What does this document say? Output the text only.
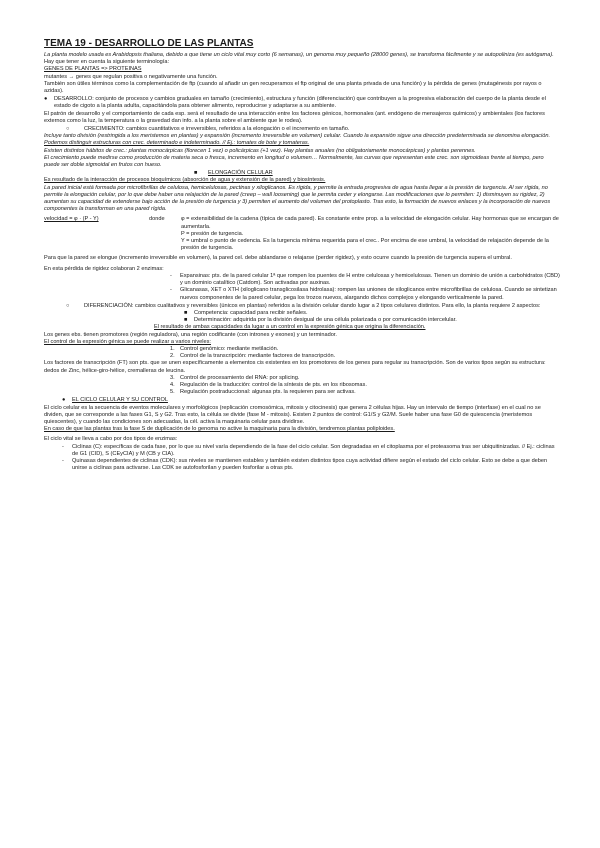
TEMA 19 - DESARROLLO DE LAS PLANTAS

La planta modelo usada es Arabidopsis thaliana, debido a que tiene un ciclo vital muy corto (6 semanas), un genoma muy pequeño (28000 genes), se transforma fácilmente y se autopoliniza (es autógama).

Hay que tener en cuenta la siguiente terminología:

GENES DE PLANTAS => PROTEINAS

mutantes → genes que regulan positiva o negativamente una función.

También son útiles términos como la complementación de ftp (cuando al añadir un gen recuperamos el ftp original de una planta privada de una función) y la pérdida de genes (mutagénesis por rayos o azidas).

●	DESARROLLO: conjunto de procesos y cambios graduales en tamaño (crecimiento), estructura y función (diferenciación) que contribuyen a la progresiva elaboración del cuerpo de la planta desde el estado de cigoto a la planta adulta, capacitándola para obtener alimento, reproducirse y adaptarse a su ambiente.

El patrón de desarrollo y el comportamiento de cada esp. será el resultado de una interacción entre los factores génicos, hormonales (ant. endógeno de mensajeros químicos) y ambientales (los factores externos como la luz, la temperatura o la gravedad dan info. a la planta sobre el ambiente que le rodea).

○	CRECIMIENTO: cambios cuantitativos e irreversibles, referidos a la elongación o el incremento en tamaño.

Incluye tanto división (restringida a los meristemos en plantas) y expansión (incremento irreversible en volumen) celular. Cuando la expansión sigue una dirección predeterminada se denomina elongación.

Podemos distinguir estructuras con crec. determinado e indeterminado. // Ej.: tomates de bote y tomateras.

Existen distintos hábitos de crec.: plantas monocárpicas (florecen 1 vez) o policárpicas (+1 vez). Hay plantas anuales (no obligatoriamente monocárpicas) y plantas perennes.

El crecimiento puede medirse como producción de materia seca o fresca, incremento en longitud o volumen… Normalmente, las curvas que representan este crec. son sigmoideas frente al tiempo, pero puede ser doble sigmoidal en frutos con hueso.

■	ELONGACIÓN CELULAR

Es resultado de la interacción de procesos bioquímicos (absorción de agua y extensión de la pared) y biosíntesis.

La pared inicial está formada por microfibrillas de celulosa, hemicelulosas, pectinas y xiloglicanos. Es rígida, y permite la entrada progresiva de agua hasta llegar a la presión de turgencia. Al ser rígida, no permite la elongación celular, por lo que debe haber una relajación de la pared (creep – wall loosening) que le permita ceder y elongarse. Las modificaciones que lo permiten: 1) disminuyen su rigidez, 2) aumentan su capacidad de extenderse bajo acción de la presión de turgencia y 3) permiten el aumento del volumen del protoplasto. Tras esto, la formación de nuevos enlaces y la incorporación de nuevos componentes la transforman en una pared rígida.

velocidad = φ · (P - Y)	donde	φ = extensibilidad de la cadena (típica de cada pared). Es constante entre prop. a la velocidad de elongación celular. Hay hormonas que se encargan de aumentarla.

P = presión de turgencia.

Y = umbral o punto de cedencia. Es la turgencia mínima requerida para el crec.. Por encima de ese umbral, la velocidad de relajación depende de la presión de turgencia.

Para que la pared se elongue (incremento irreversible en volumen), la pared cel. debe ablandarse o relajarse (perder rigidez), y esto ocurre cuando la presión de turgencia supera el umbral.

En esta pérdida de rigidez colaboran 2 enzimas:

-	Expansinas: pts. de la pared celular 1ª que rompen los puentes de H entre celulosas y hemicelulosas. Tienen un dominio de unión a carbohidratos (CBD) y un dominio catalítico (Catdom). Son activadas por auxinas.
-	Glicanasas, XET o XTH (xiloglicano transglicosilasa hidrolasa): rompen las uniones de xiloglicanos entre microfibrillas de celulosa. Cuando se sintetizan nuevos componentes de la pared celular, pega los trozos nuevos, alargando dichos complejos y elongando verticalmente la pared.
○	DIFERENCIACIÓN: cambios cualitativos y reversibles (únicos en plantas) referidos a la división celular dando lugar a 2 tipos celulares distintos. Para ello, la planta requiere 2 aspectos:
■	Competencia: capacidad para recibir señales.
■	Determinación: adquirida por la división desigual de una célula polarizada o por comunicación intercelular.

El resultado de ambas capacidades da lugar a un control en la expresión génica que origina la diferenciación.

Los genes ebs. tienen promotores (región reguladora), una región codificante (con intrones y exones) y un terminador.

El control de la expresión génica se puede realizar a varios niveles:

1. Control genómico: mediante metilación.
2. Control de la transcripción: mediante factores de transcripción.

Los factores de transcripción (FT) son pts. que se unen específicamente a elementos cis existentes en los promotores de los genes para regular su transcripción. Son de varios tipos según su estructura: dedos de Zinc, hélice-giro-hélice, cremalleras de leucina.

3. Control de procesamiento del RNA: por splicing.
4. Regulación de la traducción: control de la síntesis de pts. en los ribosomas.
5. Regulación postraduccional: algunas pts. la requieren para ser activas.
●	EL CICLO CELULAR Y SU CONTROL

El ciclo celular es la secuencia de eventos moleculares y morfológicos (replicación cromosómica, mitosis y citocinesis) que genera 2 células hijas. Hay un intervalo de tiempo (interfase) en el cual no se dividen, que se corresponde a las fases G1, S y G2. Tras esto, la célula se divide (fase M - mitosis). Existen 2 puntos de control: G1/S y G2/M. Suele haber una fase G0 de quiescencia (meristemos quiescentes), y cuando las condiciones son adecuadas, la cél. activa la maquinaria celular para dividirse.

En caso de que las plantas tras la fase S de duplicación de lo genoma no active la maquinaria para la división, tendremos plantas poliploides.

El ciclo vital se lleva a cabo por dos tipos de enzimas:

-	Ciclinas (C): específicas de cada fase, por lo que su nivel varía dependiendo de la fase del ciclo celular. Son degradadas en el citoplasma por el proteasoma tras ser ubiquitinizadas. // Ej.: ciclinas de G1 (CID), S (CEyCIA) y M (CB y CIA).
-	Quinasas dependientes de ciclinas (CDK): sus niveles se mantienen estables y también existen distintos tipos cuya actividad difiere según el estado del ciclo celular. Esto se debe a que deben unirse a ciclinas para activarse. Las CDK se autofosforilan y pueden fosforilar a otras pts.
